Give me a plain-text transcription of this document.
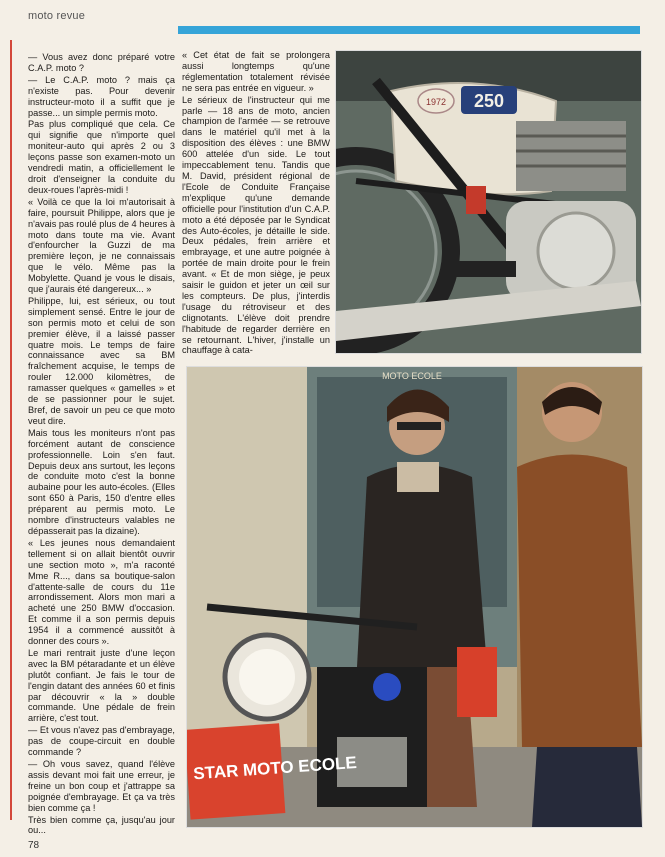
moto revue

— Vous avez donc préparé votre C.A.P. moto ?

— Le C.A.P. moto ? mais ça n'existe pas. Pour devenir instructeur-moto il a suffit que je passe... un simple permis moto.

Pas plus compliqué que cela. Ce qui signifie que n'importe quel moniteur-auto qui après 2 ou 3 leçons passe son examen-moto un vendredi matin, a officiellement le droit d'enseigner la conduite du deux-roues l'après-midi !

« Voilà ce que la loi m'autorisait à faire, poursuit Philippe, alors que je n'avais pas roulé plus de 4 heures à moto dans toute ma vie. Avant d'enfourcher la Guzzi de ma première leçon, je ne connaissais que le vélo. Même pas la Mobylette. Quand je vous le disais, que j'aurais été dangereux... »

Philippe, lui, est sérieux, ou tout simplement sensé. Entre le jour de son permis moto et celui de son premier élève, il a laissé passer quatre mois. Le temps de faire connaissance avec sa BM fraîchement acquise, le temps de rouler 12.000 kilomètres, de ramasser quelques « gamelles » et de se passionner pour le sujet. Bref, de savoir un peu ce que moto veut dire.

Mais tous les moniteurs n'ont pas forcément autant de conscience professionnelle. Loin s'en faut. Depuis deux ans surtout, les leçons de conduite moto c'est la bonne aubaine pour les auto-écoles. (Elles sont 650 à Paris, 150 d'entre elles préparent au permis moto. Le nombre d'instructeurs valables ne dépasserait pas la dizaine).

« Les jeunes nous demandaient tellement si on allait bientôt ouvrir une section moto », m'a raconté Mme R..., dans sa boutique-salon d'attente-salle de cours du 11e arrondissement. Alors mon mari a acheté une 250 BMW d'occasion. Et comme il a son permis depuis 1954 il a commencé aussitôt à donner des cours ».

Le mari rentrait juste d'une leçon avec la BM pétaradante et un élève plutôt confiant. Je fais le tour de l'engin datant des années 60 et finis par découvrir « la » double commande. Une pédale de frein arrière, c'est tout.

— Et vous n'avez pas d'embrayage, pas de coupe-circuit en double commande ?

— Oh vous savez, quand l'élève assis devant moi fait une erreur, je freine un bon coup et j'attrappe sa poignée d'embrayage. Et ça va très bien comme ça !

Très bien comme ça, jusqu'au jour ou...

« Cet état de fait se prolongera aussi longtemps qu'une réglementation totalement révisée ne sera pas entrée en vigueur. »

Le sérieux de l'instructeur qui me parle — 18 ans de moto, ancien champion de l'armée — se retrouve dans le matériel qu'il met à la disposition des élèves : une BMW 600 attelée d'un side. Le tout impeccablement tenu. Tandis que M. David, président régional de l'Ecole de Conduite Française m'explique qu'une demande officielle pour l'institution d'un C.A.P. moto a été déposée par le Syndicat des Auto-écoles, je détaille le side. Deux pédales, frein arrière et embrayage, et une autre poignée à portée de main droite pour le frein avant. « Et de mon siège, je peux saisir le guidon et jeter un œil sur les compteurs. De plus, j'interdis l'usage du rétroviseur et des clignotants. L'élève doit prendre l'habitude de regarder derrière en se retournant. L'hiver, j'installe un chauffage à cata-

1972 250
MOTO ECOLE
STAR MOTO ECOLE
78
